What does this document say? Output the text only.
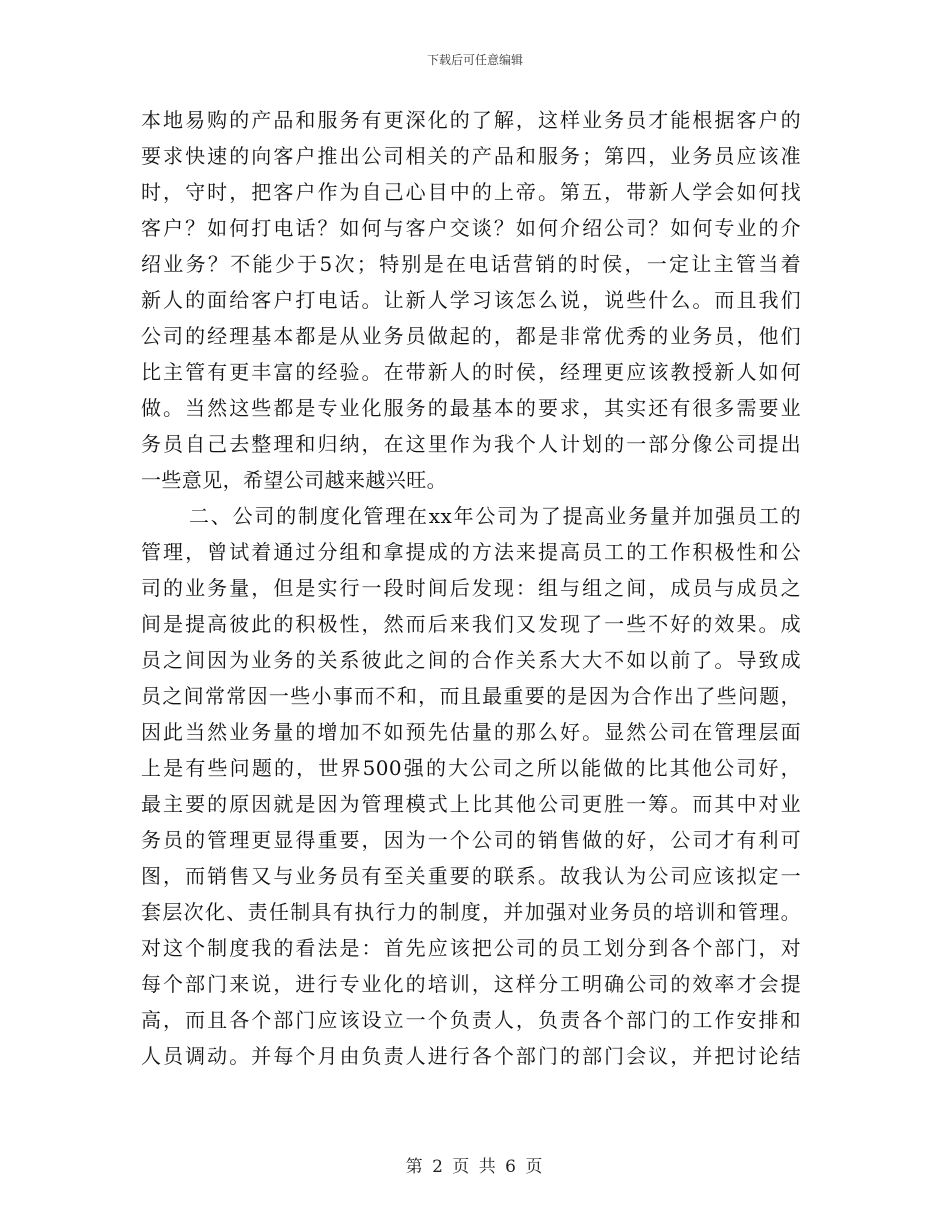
下载后可任意编辑
本地易购的产品和服务有更深化的了解，这样业务员才能根据客户的
要求快速的向客户推出公司相关的产品和服务；第四，业务员应该准
时，守时，把客户作为自己心目中的上帝。第五，带新人学会如何找
客户？如何打电话？如何与客户交谈？如何介绍公司？如何专业的介
绍业务？不能少于5次；特别是在电话营销的时侯，一定让主管当着
新人的面给客户打电话。让新人学习该怎么说，说些什么。而且我们
公司的经理基本都是从业务员做起的，都是非常优秀的业务员，他们
比主管有更丰富的经验。在带新人的时侯，经理更应该教授新人如何
做。当然这些都是专业化服务的最基本的要求，其实还有很多需要业
务员自己去整理和归纳，在这里作为我个人计划的一部分像公司提出
一些意见，希望公司越来越兴旺。
二、公司的制度化管理在xx年公司为了提高业务量并加强员工的
管理，曾试着通过分组和拿提成的方法来提高员工的工作积极性和公
司的业务量，但是实行一段时间后发现：组与组之间，成员与成员之
间是提高彼此的积极性，然而后来我们又发现了一些不好的效果。成
员之间因为业务的关系彼此之间的合作关系大大不如以前了。导致成
员之间常常因一些小事而不和，而且最重要的是因为合作出了些问题，
因此当然业务量的增加不如预先估量的那么好。显然公司在管理层面
上是有些问题的，世界500强的大公司之所以能做的比其他公司好，
最主要的原因就是因为管理模式上比其他公司更胜一筹。而其中对业
务员的管理更显得重要，因为一个公司的销售做的好，公司才有利可
图，而销售又与业务员有至关重要的联系。故我认为公司应该拟定一
套层次化、责任制具有执行力的制度，并加强对业务员的培训和管理。
对这个制度我的看法是：首先应该把公司的员工划分到各个部门，对
每个部门来说，进行专业化的培训，这样分工明确公司的效率才会提
高，而且各个部门应该设立一个负责人，负责各个部门的工作安排和
人员调动。并每个月由负责人进行各个部门的部门会议，并把讨论结
第 2 页 共 6 页
